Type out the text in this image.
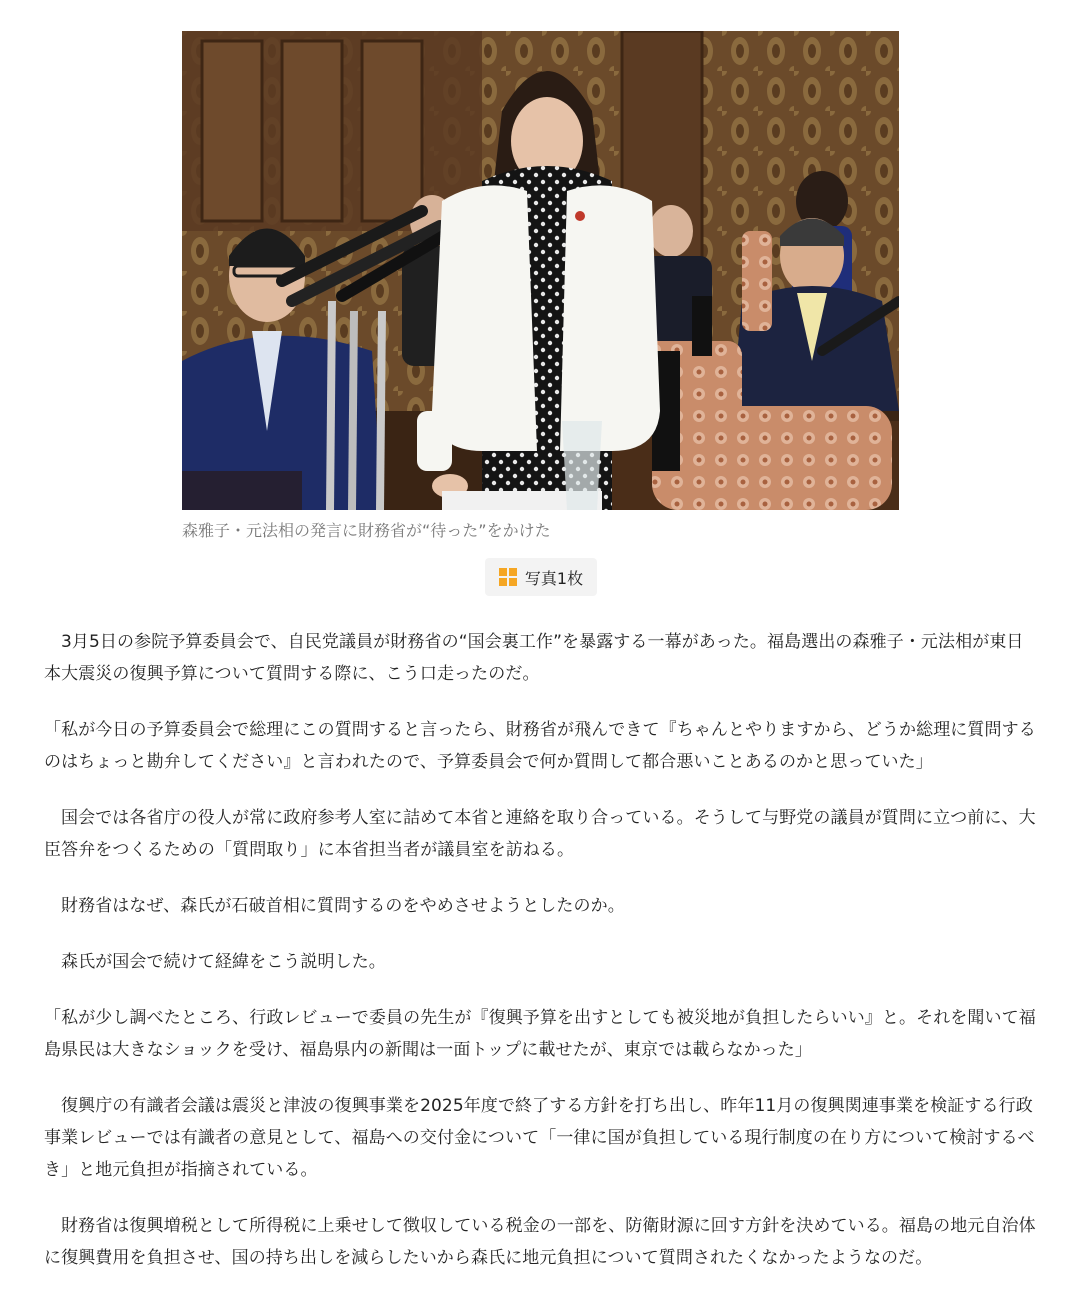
森雅子・元法相の発言に財務省が“待った”をかけた
写真1枚

3月5日の参院予算委員会で、自民党議員が財務省の“国会裏工作”を暴露する一幕があった。福島選出の森雅子・元法相が東日本大震災の復興予算について質問する際に、こう口走ったのだ。

「私が今日の予算委員会で総理にこの質問すると言ったら、財務省が飛んできて『ちゃんとやりますから、どうか総理に質問するのはちょっと勘弁してください』と言われたので、予算委員会で何か質問して都合悪いことあるのかと思っていた」

国会では各省庁の役人が常に政府参考人室に詰めて本省と連絡を取り合っている。そうして与野党の議員が質問に立つ前に、大臣答弁をつくるための「質問取り」に本省担当者が議員室を訪ねる。

財務省はなぜ、森氏が石破首相に質問するのをやめさせようとしたのか。

森氏が国会で続けて経緯をこう説明した。

「私が少し調べたところ、行政レビューで委員の先生が『復興予算を出すとしても被災地が負担したらいい』と。それを聞いて福島県民は大きなショックを受け、福島県内の新聞は一面トップに載せたが、東京では載らなかった」

復興庁の有識者会議は震災と津波の復興事業を2025年度で終了する方針を打ち出し、昨年11月の復興関連事業を検証する行政事業レビューでは有識者の意見として、福島への交付金について「一律に国が負担している現行制度の在り方について検討するべき」と地元負担が指摘されている。

財務省は復興増税として所得税に上乗せして徴収している税金の一部を、防衛財源に回す方針を決めている。福島の地元自治体に復興費用を負担させ、国の持ち出しを減らしたいから森氏に地元負担について質問されたくなかったようなのだ。
